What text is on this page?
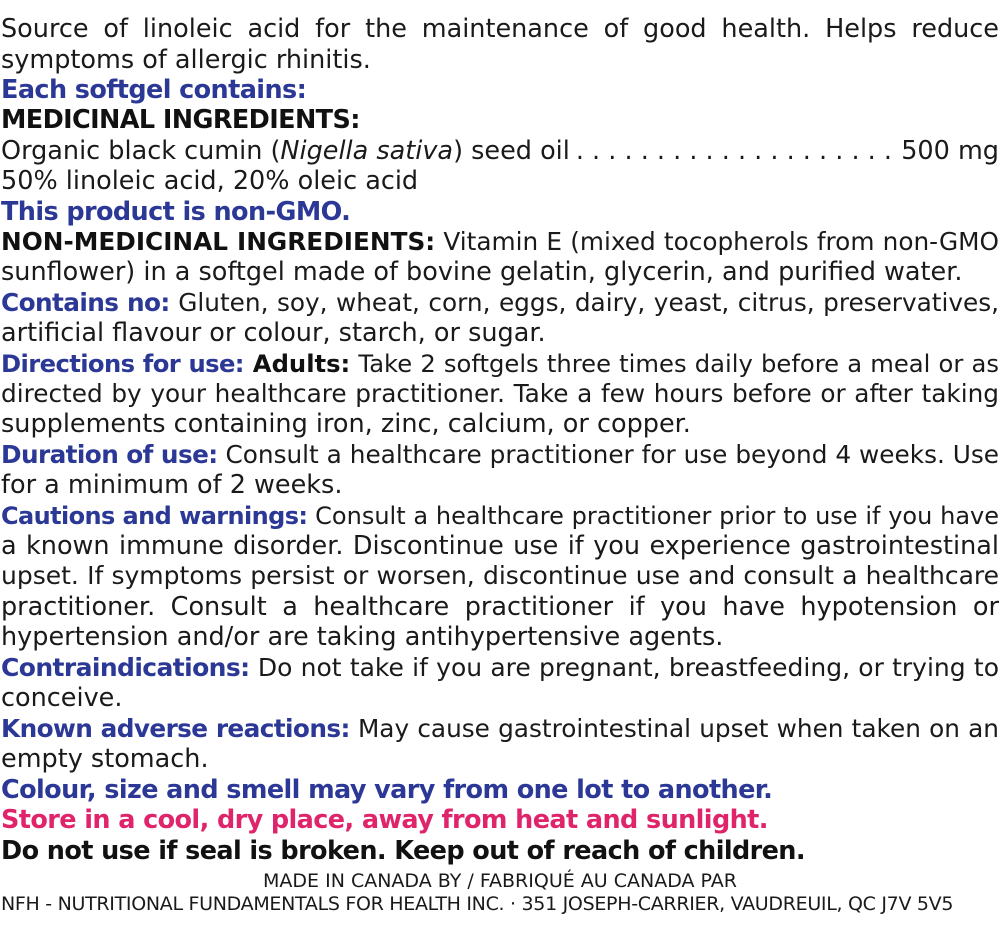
Source of linoleic acid for the maintenance of good health. Helps reduce
symptoms of allergic rhinitis.
Each softgel contains:
MEDICINAL INGREDIENTS:
Organic black cumin (Nigella sativa) seed oil
. . .	500 mg
50% linoleic acid, 20% oleic acid
This product is non-GMO.
NON-MEDICINAL INGREDIENTS: Vitamin E (mixed tocopherols from non-GMO
sunflower) in a softgel made of bovine gelatin, glycerin, and purified water.
Contains no: Gluten, soy, wheat, corn, eggs, dairy, yeast, citrus, preservatives,
artificial flavour or colour, starch, or sugar.
Directions for use: Adults: Take 2 softgels three times daily before a meal or as
directed by your healthcare practitioner. Take a few hours before or after taking
supplements containing iron, zinc, calcium, or copper.
Duration of use: Consult a healthcare practitioner for use beyond 4 weeks. Use
for a minimum of 2 weeks.
Cautions and warnings: Consult a healthcare practitioner prior to use if you have
a known immune disorder. Discontinue use if you experience gastrointestinal
upset. If symptoms persist or worsen, discontinue use and consult a healthcare
practitioner. Consult a healthcare practitioner if you have hypotension or
hypertension and/or are taking antihypertensive agents.
Contraindications: Do not take if you are pregnant, breastfeeding, or trying to
conceive.
Known adverse reactions: May cause gastrointestinal upset when taken on an
empty stomach.
Colour, size and smell may vary from one lot to another.
Store in a cool, dry place, away from heat and sunlight.
Do not use if seal is broken. Keep out of reach of children.
MADE IN CANADA BY / FABRIQUÉ AU CANADA PAR
NFH - NUTRITIONAL FUNDAMENTALS FOR HEALTH INC. · 351 JOSEPH-CARRIER, VAUDREUIL, QC J7V 5V5
